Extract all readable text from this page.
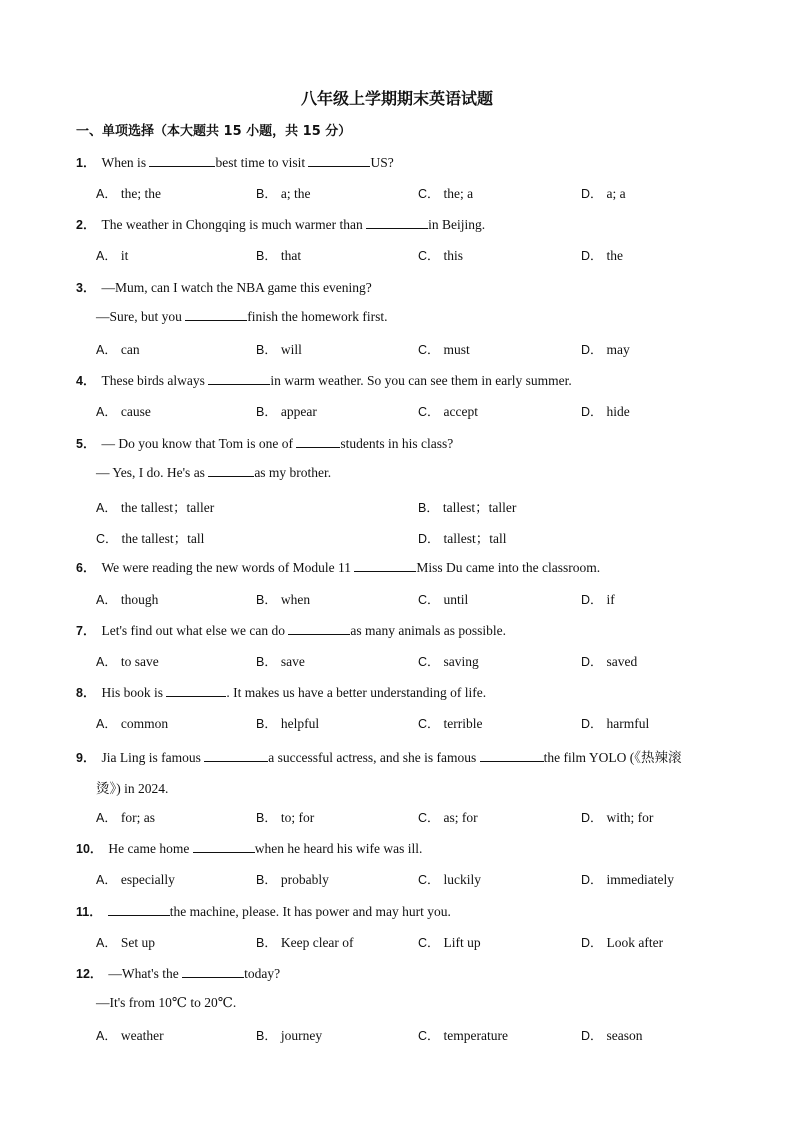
八年级上学期期末英语试题
一、单项选择（本大题共 15 小题，共 15 分）
1． When is	best time to visit	US?
A． the; the	B． a; the	C． the; a	D． a; a
2． The weather in Chongqing is much warmer than	in Beijing.
A． it	B． that	C． this	D． the
3． —Mum, can I watch the NBA game this evening?
—Sure, but you	finish the homework first.
A． can	B． will	C． must	D． may
4． These birds always	in warm weather. So you can see them in early summer.
A． cause	B． appear	C． accept	D． hide
5． — Do you know that Tom is one of	students in his class?
— Yes, I do. He's as	as my brother.
A． the tallest；taller	B． tallest；taller
C． the tallest；tall	D． tallest；tall
6． We were reading the new words of Module 11	Miss Du came into the classroom.
A． though	B． when	C． until	D． if
7． Let's find out what else we can do	as many animals as possible.
A． to save	B． save	C． saving	D． saved
8． His book is	. It makes us have a better understanding of life.
A． common	B． helpful	C． terrible	D． harmful
9． Jia Ling is famous	a successful actress, and she is famous	the film YOLO (《热辣滚
烫》) in 2024.
A． for; as	B． to; for	C． as; for	D． with; for
10． He came home	when he heard his wife was ill.
A． especially	B． probably	C． luckily	D． immediately
11．	the machine, please. It has power and may hurt you.
A． Set up	B． Keep clear of	C． Lift up	D． Look after
12． —What's the	today?
—It's from 10℃ to 20℃.
A． weather	B． journey	C． temperature	D． season
